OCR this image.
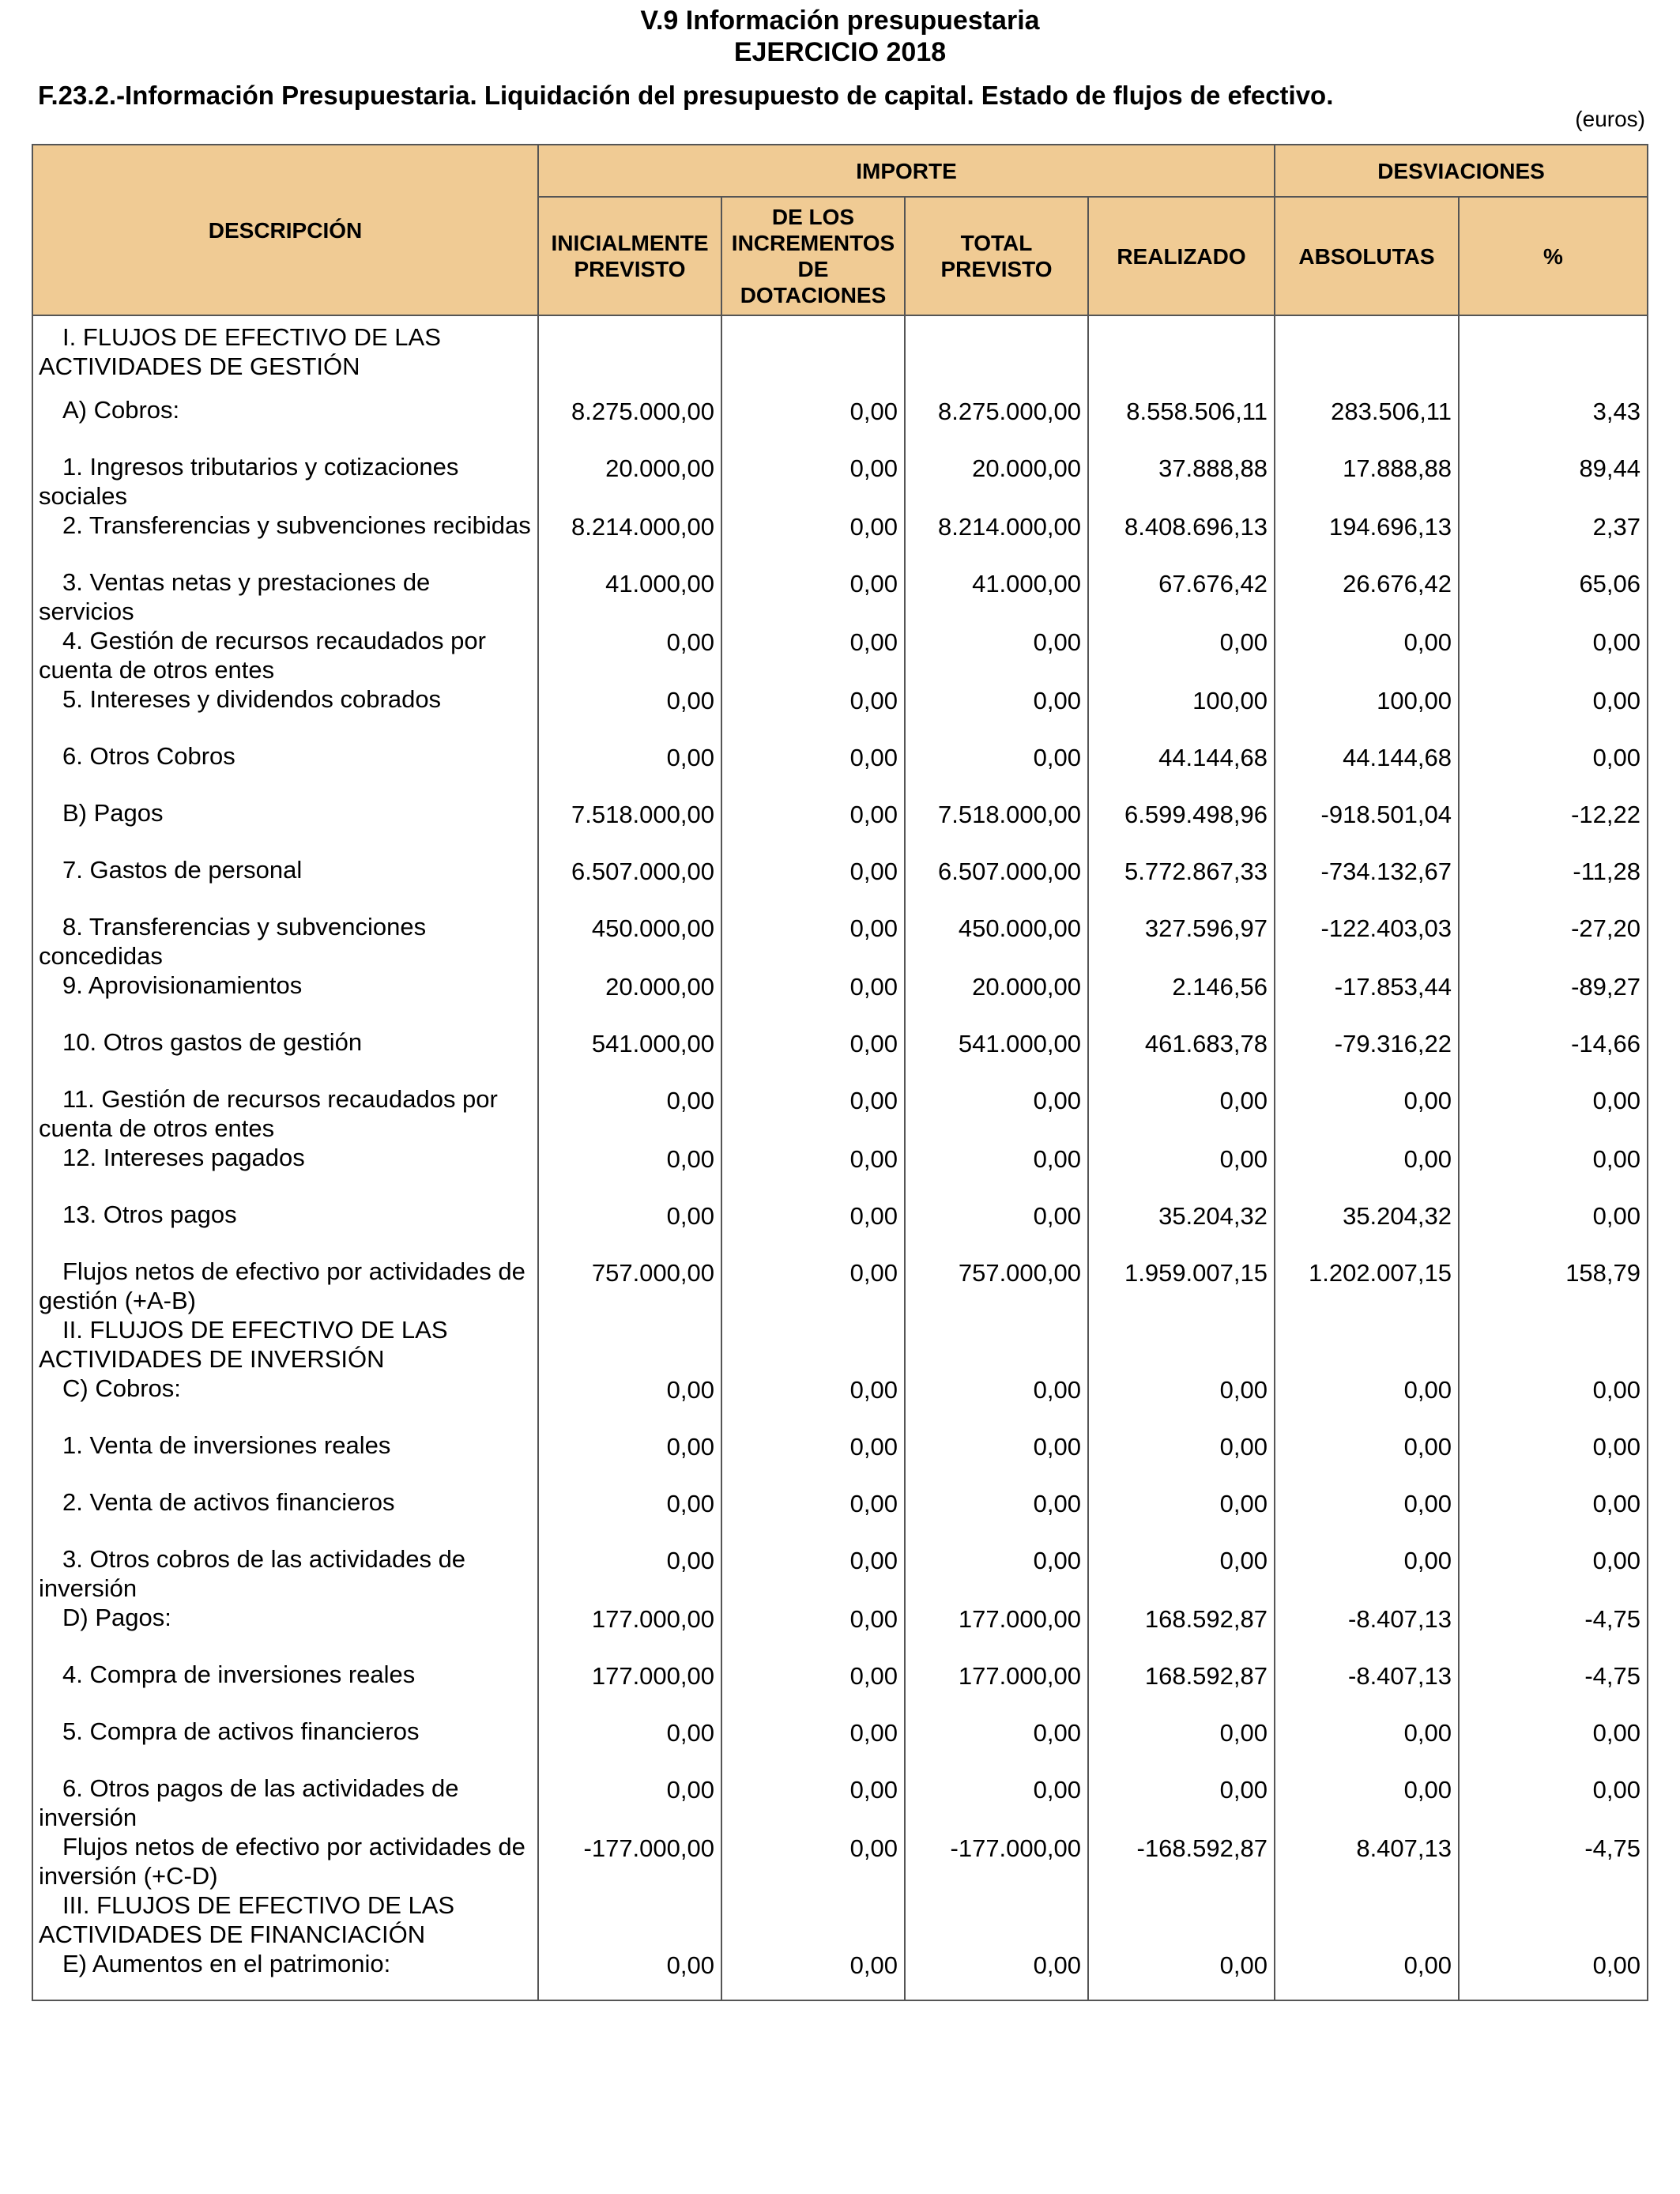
V.9 Información presupuestaria
EJERCICIO 2018
F.23.2.-Información Presupuestaria. Liquidación del presupuesto de capital. Estado de flujos de efectivo.
(euros)
DESCRIPCIÓN	IMPORTE				DESVIACIONES	
	INICIALMENTE PREVISTO	DE LOS INCREMENTOS DE DOTACIONES	TOTAL PREVISTO	REALIZADO	ABSOLUTAS	%
I. FLUJOS DE EFECTIVO DE LAS ACTIVIDADES DE GESTIÓN						
A) Cobros:	8.275.000,00	0,00	8.275.000,00	8.558.506,11	283.506,11	3,43
1. Ingresos tributarios y cotizaciones sociales	20.000,00	0,00	20.000,00	37.888,88	17.888,88	89,44
2. Transferencias y subvenciones recibidas	8.214.000,00	0,00	8.214.000,00	8.408.696,13	194.696,13	2,37
3. Ventas netas y prestaciones de servicios	41.000,00	0,00	41.000,00	67.676,42	26.676,42	65,06
4. Gestión de recursos recaudados por cuenta de otros entes	0,00	0,00	0,00	0,00	0,00	0,00
5. Intereses y dividendos cobrados	0,00	0,00	0,00	100,00	100,00	0,00
6. Otros Cobros	0,00	0,00	0,00	44.144,68	44.144,68	0,00
B) Pagos	7.518.000,00	0,00	7.518.000,00	6.599.498,96	-918.501,04	-12,22
7. Gastos de personal	6.507.000,00	0,00	6.507.000,00	5.772.867,33	-734.132,67	-11,28
8. Transferencias y subvenciones concedidas	450.000,00	0,00	450.000,00	327.596,97	-122.403,03	-27,20
9. Aprovisionamientos	20.000,00	0,00	20.000,00	2.146,56	-17.853,44	-89,27
10. Otros gastos de gestión	541.000,00	0,00	541.000,00	461.683,78	-79.316,22	-14,66
11. Gestión de recursos recaudados por cuenta de otros entes	0,00	0,00	0,00	0,00	0,00	0,00
12. Intereses pagados	0,00	0,00	0,00	0,00	0,00	0,00
13. Otros pagos	0,00	0,00	0,00	35.204,32	35.204,32	0,00
Flujos netos de efectivo por actividades de gestión (+A-B)	757.000,00	0,00	757.000,00	1.959.007,15	1.202.007,15	158,79
II. FLUJOS DE EFECTIVO DE LAS ACTIVIDADES DE INVERSIÓN						
C) Cobros:	0,00	0,00	0,00	0,00	0,00	0,00
1. Venta de inversiones reales	0,00	0,00	0,00	0,00	0,00	0,00
2. Venta de activos financieros	0,00	0,00	0,00	0,00	0,00	0,00
3. Otros cobros de las actividades de inversión	0,00	0,00	0,00	0,00	0,00	0,00
D) Pagos:	177.000,00	0,00	177.000,00	168.592,87	-8.407,13	-4,75
4. Compra de inversiones reales	177.000,00	0,00	177.000,00	168.592,87	-8.407,13	-4,75
5. Compra de activos financieros	0,00	0,00	0,00	0,00	0,00	0,00
6. Otros pagos de las actividades de inversión	0,00	0,00	0,00	0,00	0,00	0,00
Flujos netos de efectivo por actividades de inversión (+C-D)	-177.000,00	0,00	-177.000,00	-168.592,87	8.407,13	-4,75
III. FLUJOS DE EFECTIVO DE LAS ACTIVIDADES DE FINANCIACIÓN						
E) Aumentos en el patrimonio:	0,00	0,00	0,00	0,00	0,00	0,00
